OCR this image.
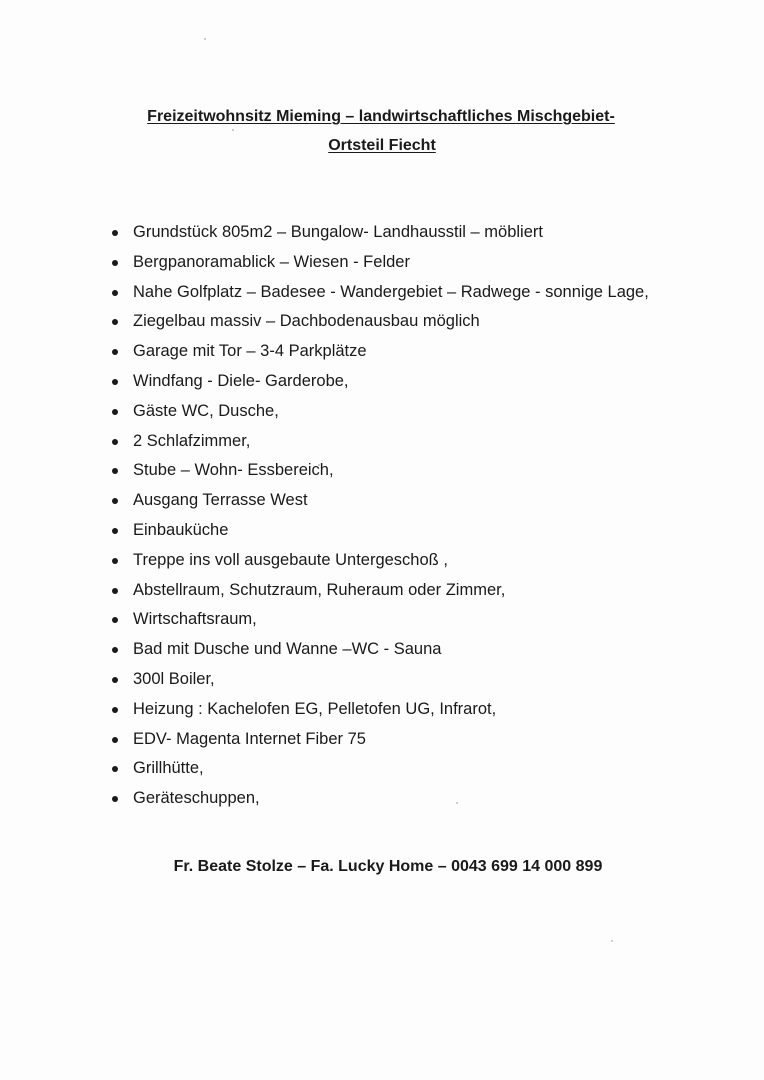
Freizeitwohnsitz Mieming – landwirtschaftliches Mischgebiet-
Ortsteil Fiecht
Grundstück 805m2 – Bungalow- Landhausstil – möbliert
Bergpanoramablick – Wiesen - Felder
Nahe Golfplatz – Badesee - Wandergebiet – Radwege - sonnige Lage,
Ziegelbau massiv – Dachbodenausbau möglich
Garage mit Tor – 3-4 Parkplätze
Windfang - Diele- Garderobe,
Gäste WC, Dusche,
2 Schlafzimmer,
Stube – Wohn- Essbereich,
Ausgang Terrasse West
Einbauküche
Treppe ins voll ausgebaute Untergeschoß ,
Abstellraum, Schutzraum, Ruheraum oder Zimmer,
Wirtschaftsraum,
Bad mit Dusche und Wanne –WC - Sauna
300l Boiler,
Heizung : Kachelofen EG, Pelletofen UG, Infrarot,
EDV- Magenta Internet Fiber 75
Grillhütte,
Geräteschuppen,
Fr. Beate Stolze – Fa. Lucky Home – 0043 699 14 000 899
